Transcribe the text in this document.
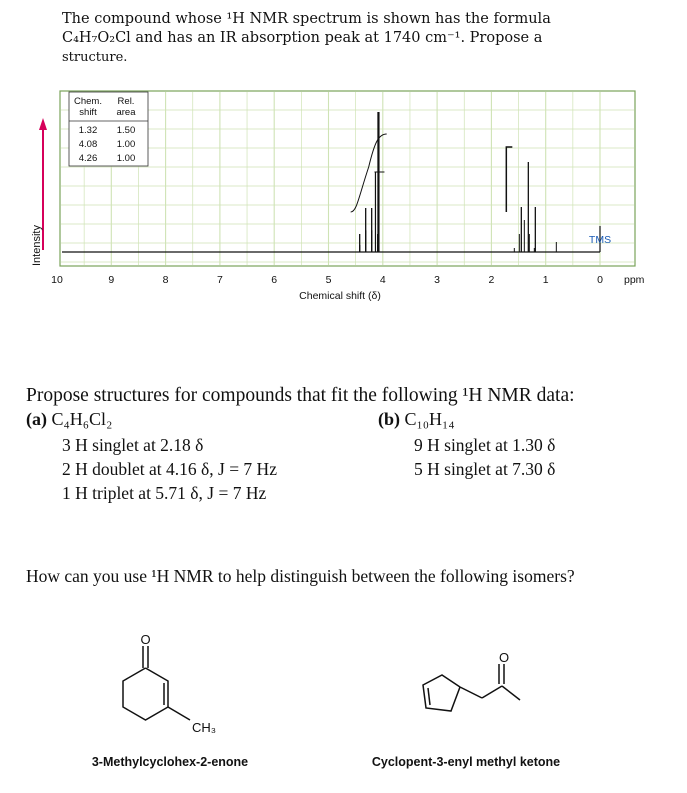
The compound whose ¹H NMR spectrum is shown has the formula
C₄H₇O₂Cl and has an IR absorption peak at 1740 cm⁻¹. Propose a
structure.
Intensity
Chem.
shift
Rel.
area
1.32 1.50
4.08 1.00
4.26 1.00
TMS
10	9	8	7	6	5	4	3	2	1	0 ppm
Chemical shift (δ)
Propose structures for compounds that fit the following ¹H NMR data:
(a) C₄H₆Cl₂
3 H singlet at 2.18 δ
2 H doublet at 4.16 δ, J = 7 Hz
1 H triplet at 5.71 δ, J = 7 Hz
(b) C₁₀H₁₄
9 H singlet at 1.30 δ
5 H singlet at 7.30 δ
How can you use ¹H NMR to help distinguish between the following isomers?
O
CH₃
3-Methylcyclohex-2-enone
O
Cyclopent-3-enyl methyl ketone
